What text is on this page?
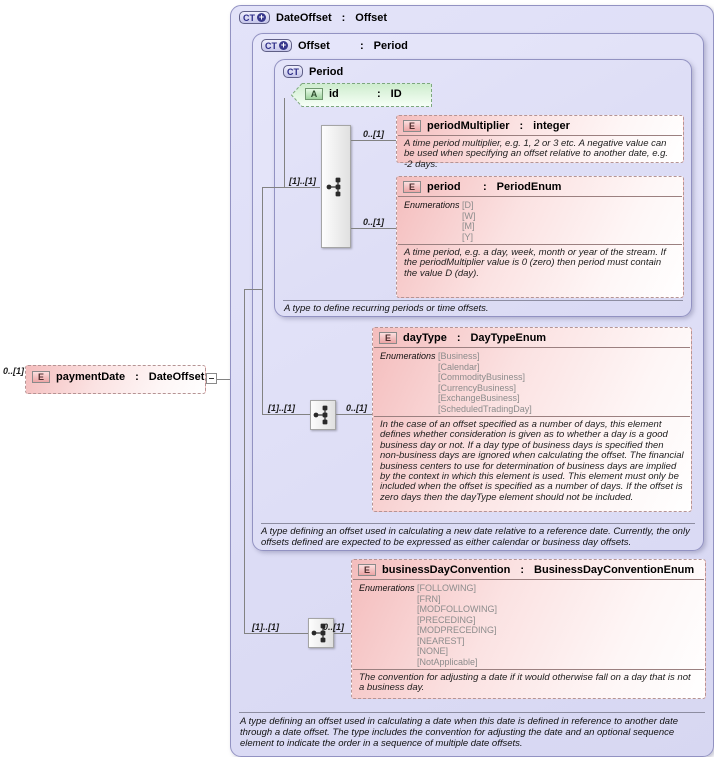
0..[1]
E	paymentDate : DateOffset
CT + DateOffset : Offset
CT + Offset	: Period
CT Period
A	id	: ID
E	periodMultiplier : integer
A time period multiplier, e.g. 1, 2 or 3 etc. A negative value can be used when specifying an offset relative to another date, e.g. -2 days.
E	period	: PeriodEnum
Enumerations [D]
[W]
[M]
[Y]
A time period, e.g. a day, week, month or year of the stream. If the periodMultiplier value is 0 (zero) then period must contain the value D (day).
[1]..[1]
0..[1]
0..[1]
A type to define recurring periods or time offsets.
E	dayType : DayTypeEnum
Enumerations [Business]
[Calendar]
[CommodityBusiness]
[CurrencyBusiness]
[ExchangeBusiness]
[ScheduledTradingDay]
In the case of an offset specified as a number of days, this element defines whether consideration is given as to whether a day is a good business day or not. If a day type of business days is specified then non-business days are ignored when calculating the offset. The financial business centers to use for determination of business days are implied by the context in which this element is used. This element must only be included when the offset is specified as a number of days. If the offset is zero days then the dayType element should not be included.
[1]..[1]	0..[1]
A type defining an offset used in calculating a new date relative to a reference date. Currently, the only offsets defined are expected to be expressed as either calendar or business day offsets.
E	businessDayConvention : BusinessDayConventionEnum
Enumerations [FOLLOWING]
[FRN]
[MODFOLLOWING]
[PRECEDING]
[MODPRECEDING]
[NEAREST]
[NONE]
[NotApplicable]
The convention for adjusting a date if it would otherwise fall on a day that is not a business day.
[1]..[1]	0..[1]
A type defining an offset used in calculating a date when this date is defined in reference to another date through a date offset. The type includes the convention for adjusting the date and an optional sequence element to indicate the order in a sequence of multiple date offsets.
